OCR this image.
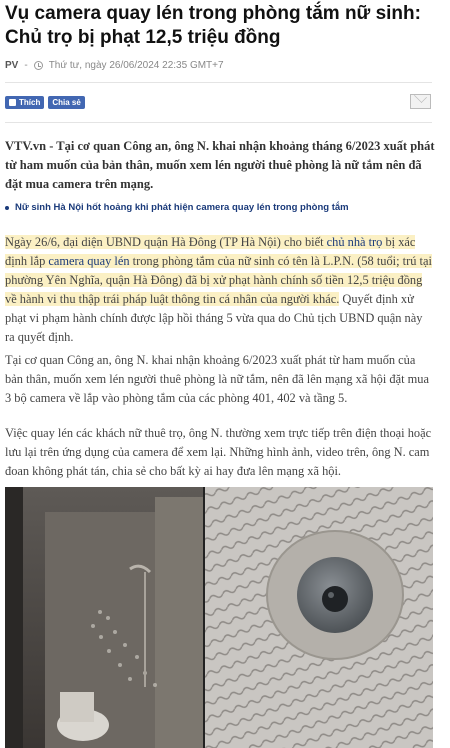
Vụ camera quay lén trong phòng tắm nữ sinh: Chủ trọ bị phạt 12,5 triệu đồng
PV - Thứ tư, ngày 26/06/2024 22:35 GMT+7
Thích Chia sẻ

VTV.vn - Tại cơ quan Công an, ông N. khai nhận khoảng tháng 6/2023 xuất phát từ ham muốn của bản thân, muốn xem lén người thuê phòng là nữ tắm nên đã đặt mua camera trên mạng.

Nữ sinh Hà Nội hốt hoảng khi phát hiện camera quay lén trong phòng tắm

Ngày 26/6, đại diện UBND quận Hà Đông (TP Hà Nội) cho biết chủ nhà trọ bị xác định lắp camera quay lén trong phòng tắm của nữ sinh có tên là L.P.N. (58 tuổi; trú tại phường Yên Nghĩa, quận Hà Đông) đã bị xử phạt hành chính số tiền 12,5 triệu đồng về hành vi thu thập trái pháp luật thông tin cá nhân của người khác. Quyết định xử phạt vi phạm hành chính được lập hồi tháng 5 vừa qua do Chủ tịch UBND quận này ra quyết định.

Tại cơ quan Công an, ông N. khai nhận khoảng 6/2023 xuất phát từ ham muốn của bản thân, muốn xem lén người thuê phòng là nữ tắm, nên đã lên mạng xã hội đặt mua 3 bộ camera về lắp vào phòng tắm của các phòng 401, 402 và tầng 5.

Việc quay lén các khách nữ thuê trọ, ông N. thường xem trực tiếp trên điện thoại hoặc lưu lại trên ứng dụng của camera để xem lại. Những hình ảnh, video trên, ông N. cam đoan không phát tán, chia sẻ cho bất kỳ ai hay đưa lên mạng xã hội.
